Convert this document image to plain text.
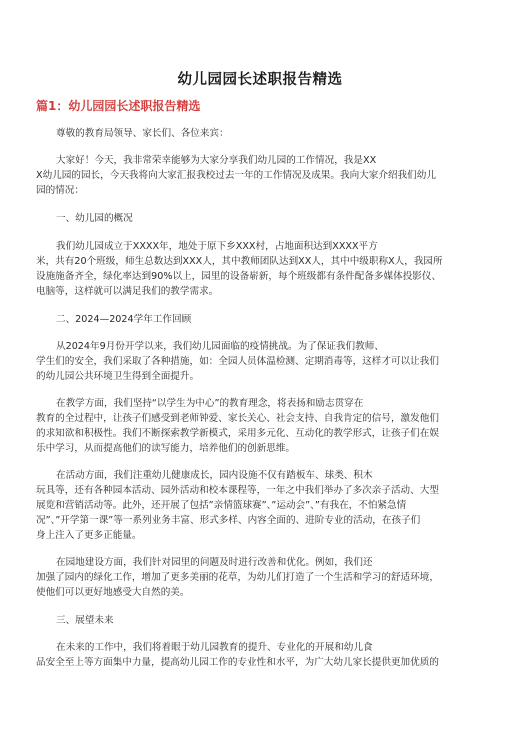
幼儿园园长述职报告精选
篇1：幼儿园园长述职报告精选
尊敬的教育局领导、家长们、各位来宾：
大家好！今天，我非常荣幸能够为大家分享我们幼儿园的工作情况，我是XX
X幼儿园的园长，今天我将向大家汇报我校过去一年的工作情况及成果。我向大家介绍我们幼儿
园的情况：
一、幼儿园的概况
我们幼儿园成立于XXXX年，地处于原下乡XXX村，占地面积达到XXXX平方
米，共有20个班级，师生总数达到XXX人，其中教师团队达到XX人，其中中级职称X人，我园所
设施施备齐全，绿化率达到90%以上，园里的设备崭新，每个班级都有条件配备多媒体投影仪、
电脑等，这样就可以满足我们的教学需求。
二、2024—2024学年工作回顾
从2024年9月份开学以来，我们幼儿园面临的疫情挑战。为了保证我们教师、
学生们的安全，我们采取了各种措施，如：全园人员体温检测、定期消毒等，这样才可以让我们
的幼儿园公共环境卫生得到全面提升。
在教学方面，我们坚持“以学生为中心”的教育理念，将表扬和励志贯穿在
教育的全过程中，让孩子们感受到老师钟爱、家长关心、社会支持、自我肯定的信号，激发他们
的求知欲和积极性。我们不断探索教学新模式，采用多元化、互动化的教学形式，让孩子们在娱
乐中学习，从而提高他们的读写能力，培养他们的创新思维。
在活动方面，我们注重幼儿健康成长，园内设施不仅有踏板车、球类、积木
玩具等，还有各种园本活动、园外活动和校本课程等，一年之中我们举办了多次亲子活动、大型
展览和营销活动等。此外，还开展了包括”亲情篮球赛”、”运动会”、”有我在，不怕紧急情
况”、”开学第一课”等一系列业务丰富、形式多样、内容全面的、进阶专业的活动，在孩子们
身上注入了更多正能量。
在园地建设方面，我们针对园里的问题及时进行改善和优化。例如，我们还
加强了园内的绿化工作，增加了更多美丽的花草，为幼儿们打造了一个生活和学习的舒适环境，
使他们可以更好地感受大自然的美。
三、展望未来
在未来的工作中，我们将着眼于幼儿园教育的提升、专业化的开展和幼儿食
品安全至上等方面集中力量，提高幼儿园工作的专业性和水平，为广大幼儿家长提供更加优质的
